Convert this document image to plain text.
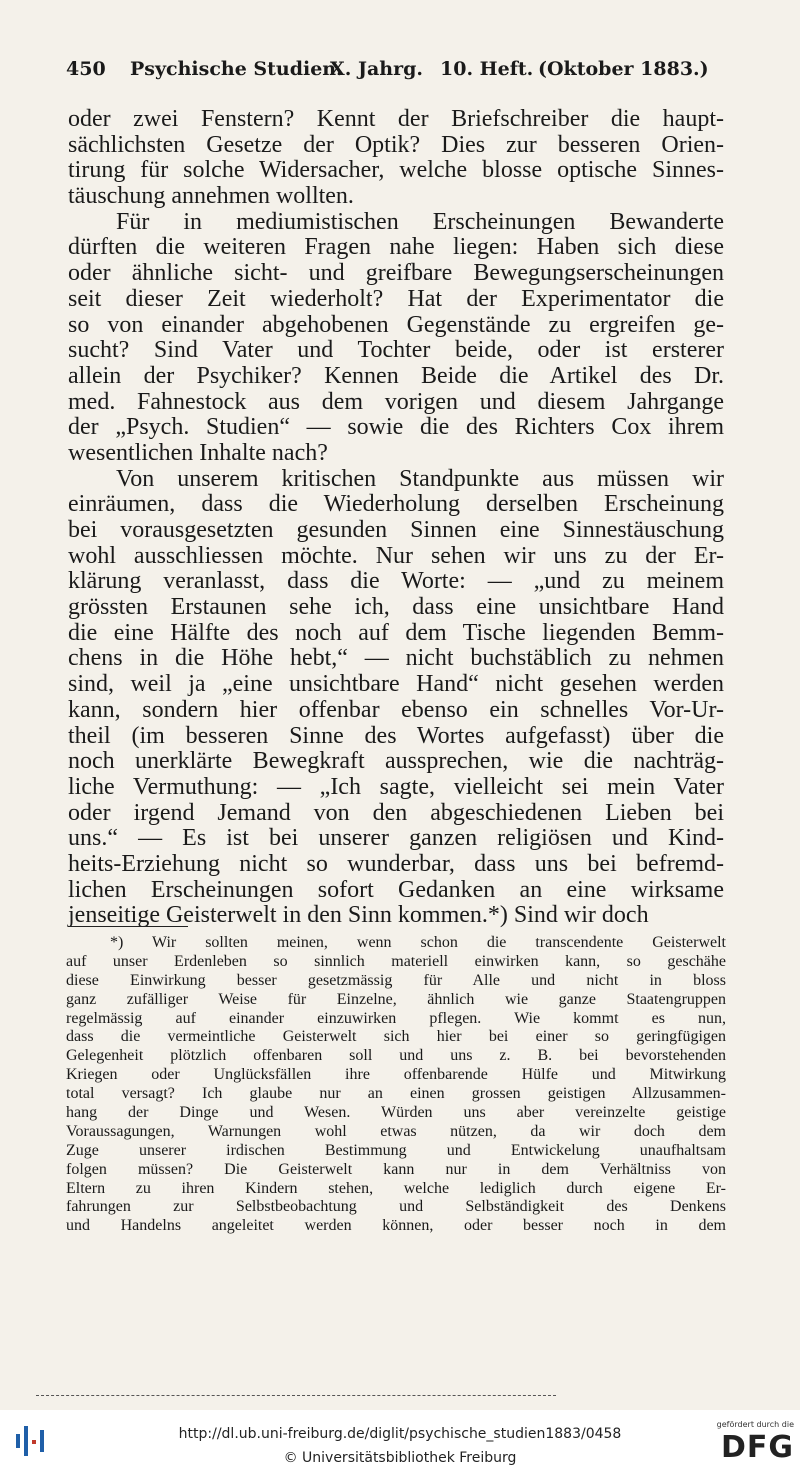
450 Psychische Studien.
X. Jahrg. 10. Heft. (Oktober 1883.)
oder zwei Fenstern? Kennt der Briefschreiber die haupt-
sächlichsten Gesetze der Optik? Dies zur besseren Orien-
tirung für solche Widersacher, welche blosse optische Sinnes-
täuschung annehmen wollten.
Für in mediumistischen Erscheinungen Bewanderte
dürften die weiteren Fragen nahe liegen: Haben sich diese
oder ähnliche sicht- und greifbare Bewegungserscheinungen
seit dieser Zeit wiederholt? Hat der Experimentator die
so von einander abgehobenen Gegenstände zu ergreifen ge-
sucht? Sind Vater und Tochter beide, oder ist ersterer
allein der Psychiker? Kennen Beide die Artikel des Dr.
med. Fahnestock aus dem vorigen und diesem Jahrgange
der „Psych. Studien“ — sowie die des Richters Cox ihrem
wesentlichen Inhalte nach?
Von unserem kritischen Standpunkte aus müssen wir
einräumen, dass die Wiederholung derselben Erscheinung
bei vorausgesetzten gesunden Sinnen eine Sinnestäuschung
wohl ausschliessen möchte. Nur sehen wir uns zu der Er-
klärung veranlasst, dass die Worte: — „und zu meinem
grössten Erstaunen sehe ich, dass eine unsichtbare Hand
die eine Hälfte des noch auf dem Tische liegenden Bemm-
chens in die Höhe hebt,“ — nicht buchstäblich zu nehmen
sind, weil ja „eine unsichtbare Hand“ nicht gesehen werden
kann, sondern hier offenbar ebenso ein schnelles Vor-Ur-
theil (im besseren Sinne des Wortes aufgefasst) über die
noch unerklärte Bewegkraft aussprechen, wie die nachträg-
liche Vermuthung: — „Ich sagte, vielleicht sei mein Vater
oder irgend Jemand von den abgeschiedenen Lieben bei
uns.“ — Es ist bei unserer ganzen religiösen und Kind-
heits-Erziehung nicht so wunderbar, dass uns bei befremd-
lichen Erscheinungen sofort Gedanken an eine wirksame
jenseitige Geisterwelt in den Sinn kommen.*) Sind wir doch
*) Wir sollten meinen, wenn schon die transcendente Geisterwelt
auf unser Erdenleben so sinnlich materiell einwirken kann, so geschähe
diese Einwirkung besser gesetzmässig für Alle und nicht in bloss
ganz zufälliger Weise für Einzelne, ähnlich wie ganze Staatengruppen
regelmässig auf einander einzuwirken pflegen. Wie kommt es nun,
dass die vermeintliche Geisterwelt sich hier bei einer so geringfügigen
Gelegenheit plötzlich offenbaren soll und uns z. B. bei bevorstehenden
Kriegen oder Unglücksfällen ihre offenbarende Hülfe und Mitwirkung
total versagt? Ich glaube nur an einen grossen geistigen Allzusammen-
hang der Dinge und Wesen. Würden uns aber vereinzelte geistige
Voraussagungen, Warnungen wohl etwas nützen, da wir doch dem
Zuge unserer irdischen Bestimmung und Entwickelung unaufhaltsam
folgen müssen? Die Geisterwelt kann nur in dem Verhältniss von
Eltern zu ihren Kindern stehen, welche lediglich durch eigene Er-
fahrungen zur Selbstbeobachtung und Selbständigkeit des Denkens
und Handelns angeleitet werden können, oder besser noch in dem
http://dl.ub.uni-freiburg.de/diglit/psychische_studien1883/0458
© Universitätsbibliothek Freiburg
gefördert durch die
DFG
